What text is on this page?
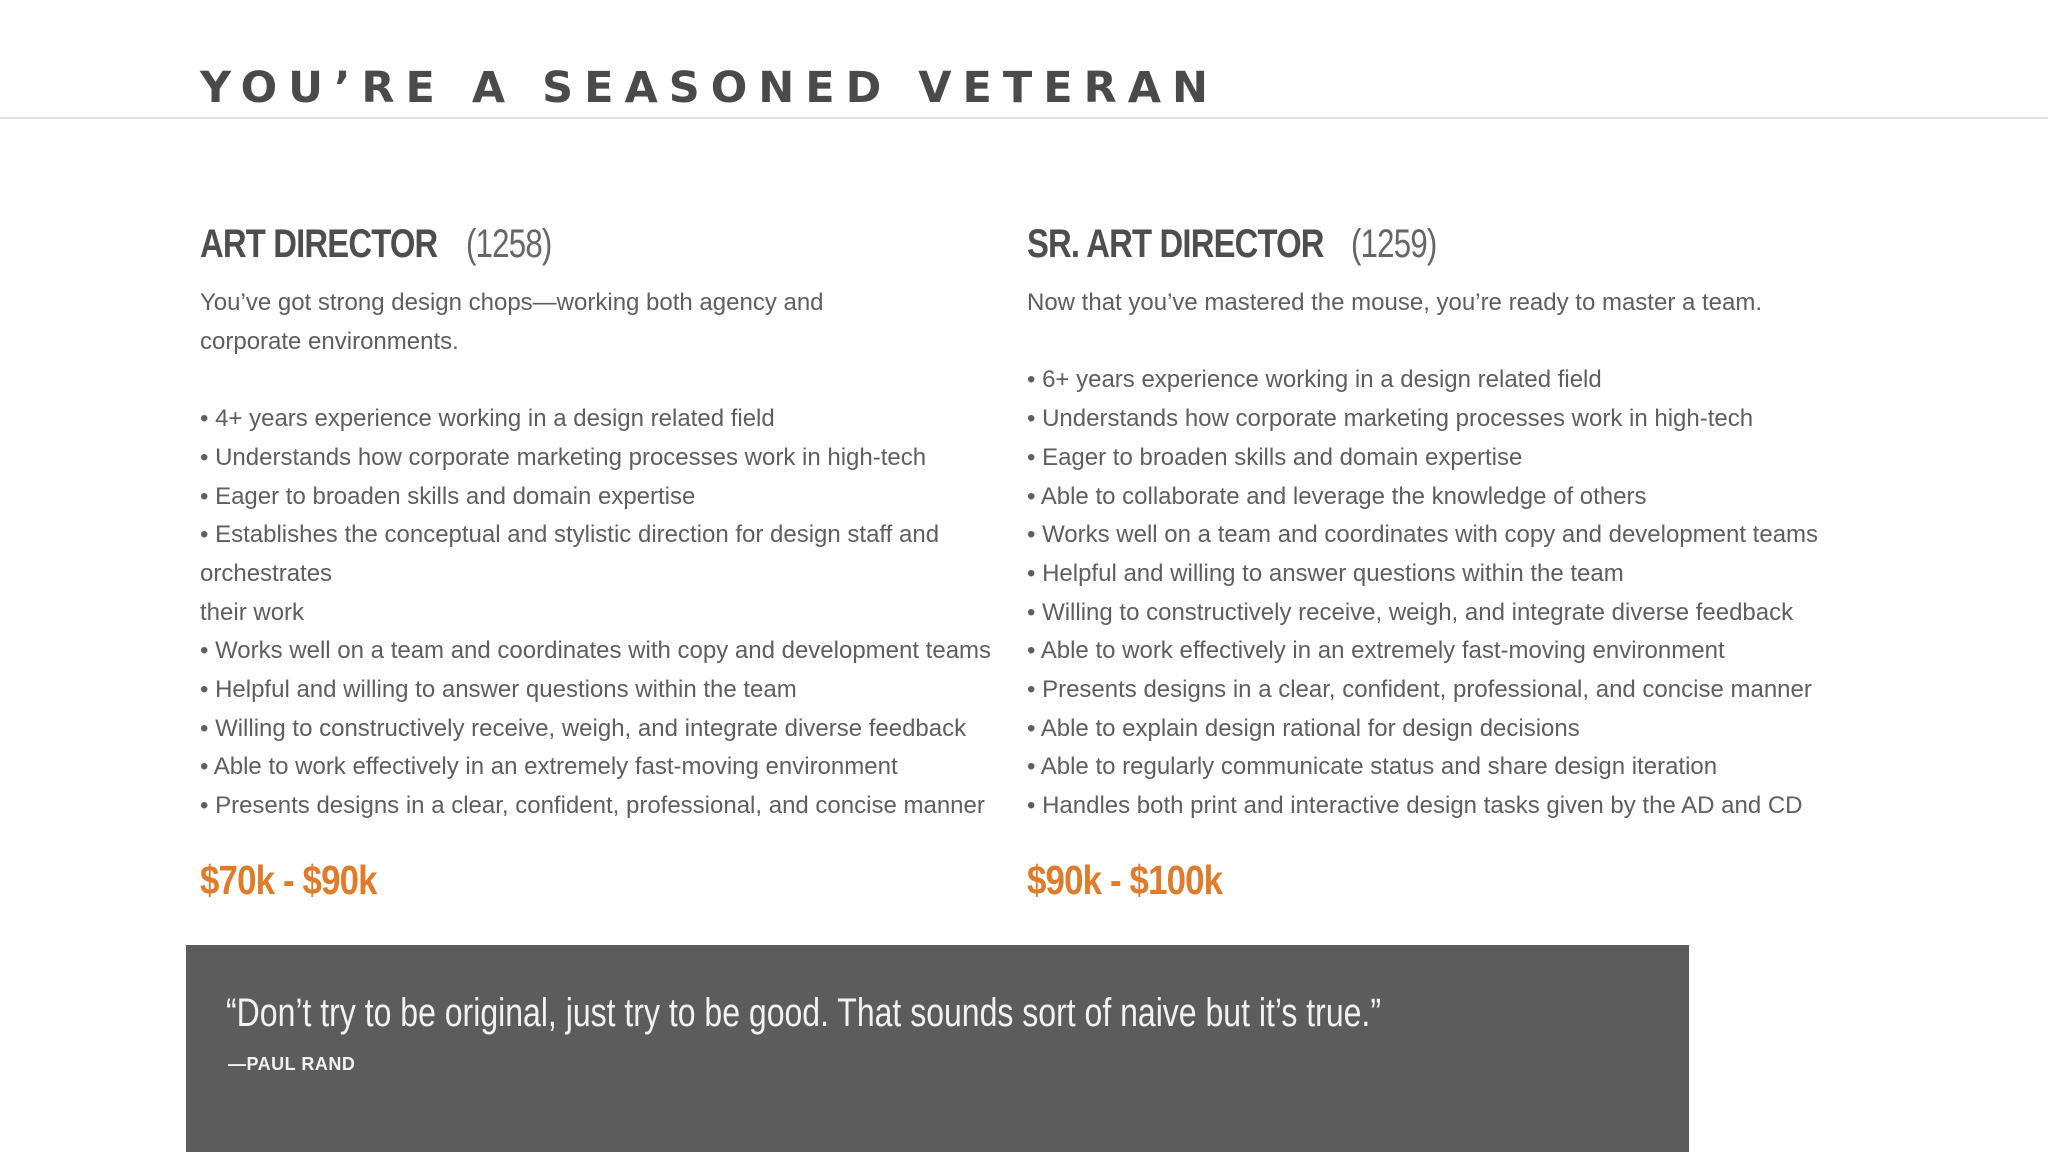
YOU’RE A SEASONED VETERAN
ART DIRECTOR (1258)
You’ve got strong design chops—working both agency and
corporate environments.
• 4+ years experience working in a design related field
• Understands how corporate marketing processes work in high-tech
• Eager to broaden skills and domain expertise
• Establishes the conceptual and stylistic direction for design staff and
orchestrates
their work
• Works well on a team and coordinates with copy and development teams
• Helpful and willing to answer questions within the team
• Willing to constructively receive, weigh, and integrate diverse feedback
• Able to work effectively in an extremely fast-moving environment
• Presents designs in a clear, confident, professional, and concise manner
SR. ART DIRECTOR (1259)
Now that you’ve mastered the mouse, you’re ready to master a team.
• 6+ years experience working in a design related field
• Understands how corporate marketing processes work in high-tech
• Eager to broaden skills and domain expertise
• Able to collaborate and leverage the knowledge of others
• Works well on a team and coordinates with copy and development teams
• Helpful and willing to answer questions within the team
• Willing to constructively receive, weigh, and integrate diverse feedback
• Able to work effectively in an extremely fast-moving environment
• Presents designs in a clear, confident, professional, and concise manner
• Able to explain design rational for design decisions
• Able to regularly communicate status and share design iteration
• Handles both print and interactive design tasks given by the AD and CD
$70k - $90k	$90k - $100k

“Don’t try to be original, just try to be good. That sounds sort of naive but it’s true.”

—PAUL RAND
